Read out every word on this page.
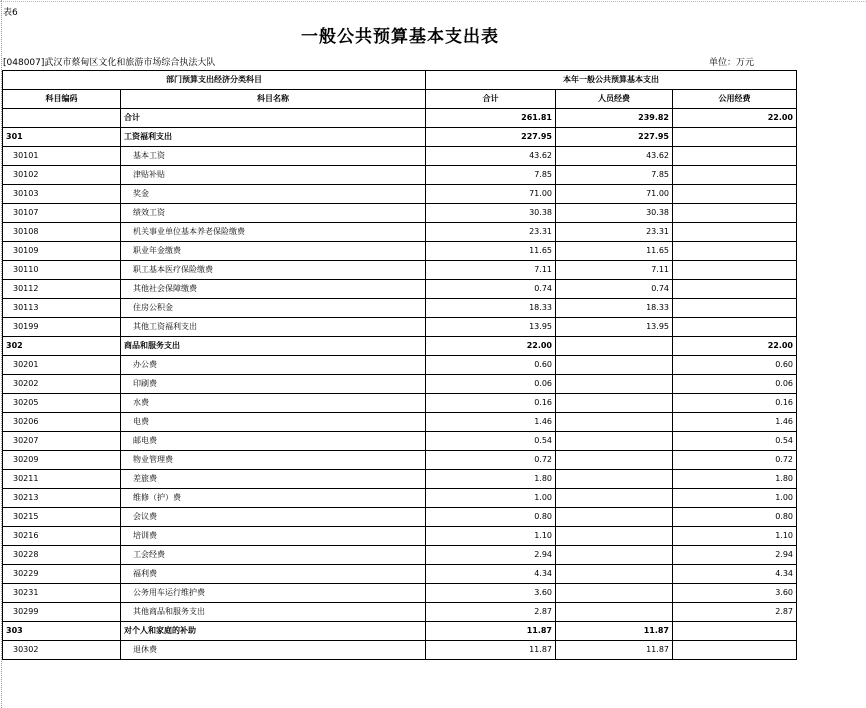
表6
一般公共预算基本支出表
[048007]武汉市蔡甸区文化和旅游市场综合执法大队	单位：万元
部门预算支出经济分类科目		本年一般公共预算基本支出		
科目编码	科目名称	合计	人员经费	公用经费
	合计	261.81	239.82	22.00
301	工资福利支出	227.95	227.95	
30101	基本工资	43.62	43.62	
30102	津贴补贴	7.85	7.85	
30103	奖金	71.00	71.00	
30107	绩效工资	30.38	30.38	
30108	机关事业单位基本养老保险缴费	23.31	23.31	
30109	职业年金缴费	11.65	11.65	
30110	职工基本医疗保险缴费	7.11	7.11	
30112	其他社会保障缴费	0.74	0.74	
30113	住房公积金	18.33	18.33	
30199	其他工资福利支出	13.95	13.95	
302	商品和服务支出	22.00		22.00
30201	办公费	0.60		0.60
30202	印刷费	0.06		0.06
30205	水费	0.16		0.16
30206	电费	1.46		1.46
30207	邮电费	0.54		0.54
30209	物业管理费	0.72		0.72
30211	差旅费	1.80		1.80
30213	维修（护）费	1.00		1.00
30215	会议费	0.80		0.80
30216	培训费	1.10		1.10
30228	工会经费	2.94		2.94
30229	福利费	4.34		4.34
30231	公务用车运行维护费	3.60		3.60
30299	其他商品和服务支出	2.87		2.87
303	对个人和家庭的补助	11.87	11.87	
30302	退休费	11.87	11.87	
